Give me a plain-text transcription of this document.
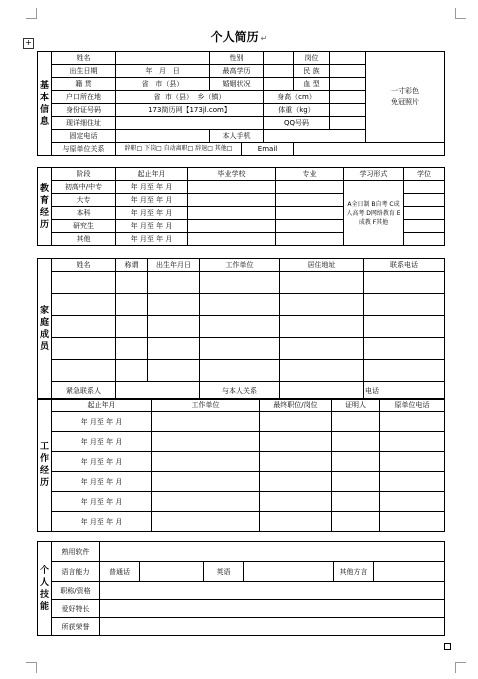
个人简历 ↵
+
基本信息	姓名		性别			岗位		一寸彩色
免冠照片
	出生日期	年 月 日	最高学历			民 族		
	籍 贯	省 市（县）	婚姻状况			血 型		
	户口所在地	省 市（县） 乡（镇）			身高（cm）			
	身份证号码	173简历网【173jl.com】			体重（kg）			
	现详细住址				QQ号码			
	固定电话		本人手机					
	与原单位关系	辞职□ 下岗□ 自动离职□ 辞退□ 其他□		Email				
教育经历	阶段	起止年月	毕业学校	专业	学习形式	学位
	初高中/中专	年 月至 年 月			A全日制 B自考 C成人高考 D网络教育 E成教 F其他	
	大专	年 月至 年 月				
	本科	年 月至 年 月				
	研究生	年 月至 年 月				
	其他	年 月至 年 月				
家庭成员	姓名	称谓	出生年月日	工作单位	居住地址	联系电话

	紧急联系人			与本人关系		电话
工作经历	起止年月	工作单位	最终职位/岗位	证明人	原单位电话
	年 月至 年 月				
	年 月至 年 月				
	年 月至 年 月				
	年 月至 年 月				
	年 月至 年 月				
	年 月至 年 月				
个人技能	熟用软件						
	语言能力	普通话		英语		其他方言	
	职称/资格						
	爱好特长						
	所获荣誉						
